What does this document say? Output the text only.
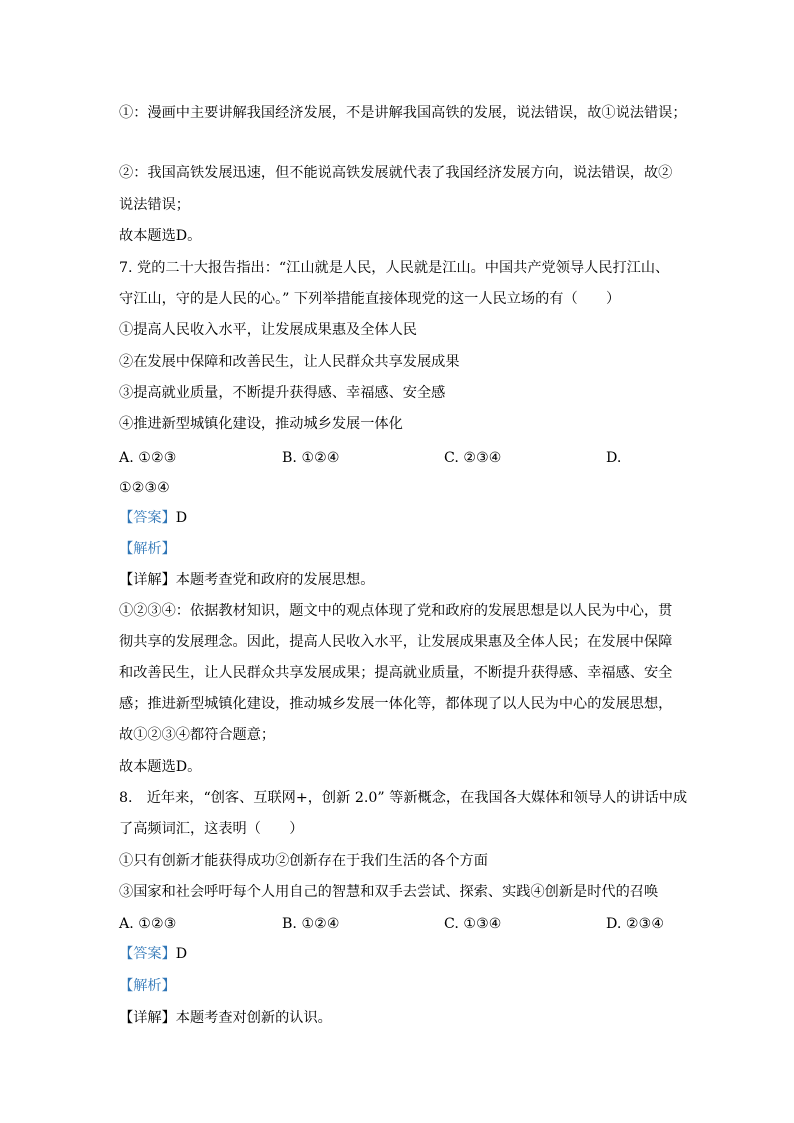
①：漫画中主要讲解我国经济发展，不是讲解我国高铁的发展，说法错误，故①说法错误；
②：我国高铁发展迅速，但不能说高铁发展就代表了我国经济发展方向，说法错误，故②
说法错误；
故本题选D。
7. 党的二十大报告指出：“江山就是人民，人民就是江山。中国共产党领导人民打江山、
守江山，守的是人民的心。” 下列举措能直接体现党的这一人民立场的有（　　）
①提高人民收入水平，让发展成果惠及全体人民
②在发展中保障和改善民生，让人民群众共享发展成果
③提高就业质量，不断提升获得感、幸福感、安全感
④推进新型城镇化建设，推动城乡发展一体化
A. ①②③	B. ①②④	C. ②③④	D.
①②③④
【答案】D
【解析】
【详解】本题考查党和政府的发展思想。
①②③④：依据教材知识，题文中的观点体现了党和政府的发展思想是以人民为中心，贯
彻共享的发展理念。因此，提高人民收入水平，让发展成果惠及全体人民；在发展中保障
和改善民生，让人民群众共享发展成果；提高就业质量，不断提升获得感、幸福感、安全
感；推进新型城镇化建设，推动城乡发展一体化等，都体现了以人民为中心的发展思想，
故①②③④都符合题意；
故本题选D。
8.　近年来，“创客、互联网+，创新 2.0” 等新概念，在我国各大媒体和领导人的讲话中成
了高频词汇，这表明（　　）
①只有创新才能获得成功②创新存在于我们生活的各个方面
③国家和社会呼吁每个人用自己的智慧和双手去尝试、探索、实践④创新是时代的召唤
A. ①②③	B. ①②④	C. ①③④	D. ②③④
【答案】D
【解析】
【详解】本题考查对创新的认识。
